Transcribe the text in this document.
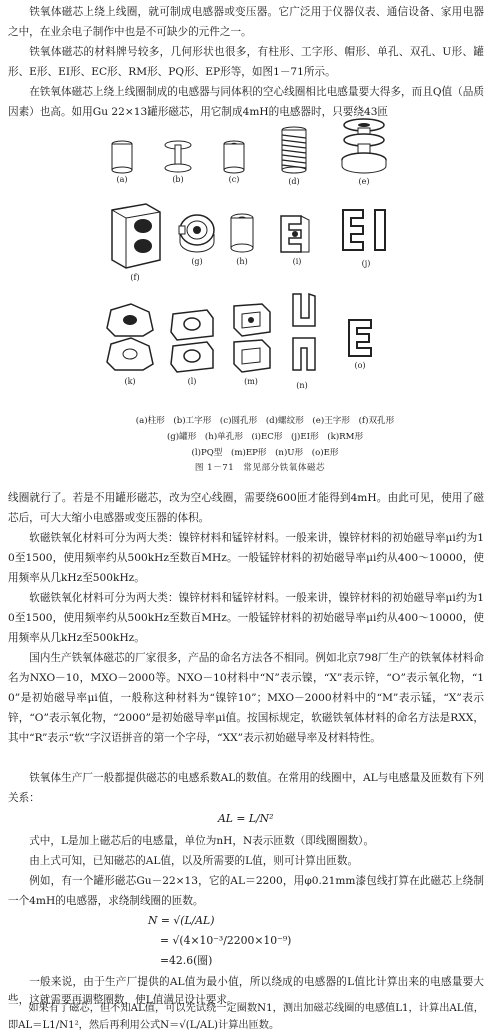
铁氧体磁芯上绕上线圈，就可制成电感器或变压器。它广泛用于仪器仪表、通信设备、家用电器之中，在业余电子制作中也是不可缺少的元件之一。
铁氧体磁芯的材料牌号较多，几何形状也很多，有柱形、工字形、帽形、单孔、双孔、U形、罐形、E形、EI形、EC形、RM形、PQ形、EP形等，如图1－71所示。
在铁氧体磁芯上绕上线圈制成的电感器与同体积的空心线圈相比电感量要大得多，而且Q值（品质因素）也高。如用Gu 22×13罐形磁芯，用它制成4mH的电感器时，只要绕43匝
(a)	(b)	(c)	(d)	(e)
(f)
(g)	(h)	(i)	(j)
(k)	(l)	(m)	(n)
(o)
(a)柱形　(b)工字形　(c)圆孔形　(d)螺纹形　(e)王字形　(f)双孔形
(g)罐形　(h)单孔形　(i)EC形　(j)EI形　(k)RM形
(l)PQ型　(m)EP形　(n)U形　(o)E形
图 1－71　常见部分铁氧体磁芯
线圈就行了。若是不用罐形磁芯，改为空心线圈，需要绕600匝才能得到4mH。由此可见，使用了磁芯后，可大大缩小电感器或变压器的体积。
软磁铁氧化材料可分为两大类：镍锌材料和锰锌材料。一般来讲，镍锌材料的初始磁导率μi约为10至1500，使用频率约从500kHz至数百MHz。一般锰锌材料的初始磁导率μi约从400～10000，使用频率从几kHz至500kHz。
软磁铁氧化材料可分为两大类：镍锌材料和锰锌材料。一般来讲，镍锌材料的初始磁导率μi约为10至1500，使用频率约从500kHz至数百MHz。一般锰锌材料的初始磁导率μi约从400～10000，使用频率从几kHz至500kHz。
国内生产铁氧体磁芯的厂家很多，产品的命名方法各不相同。例如北京798厂生产的铁氧体材料命名为NXO－10，MXO－2000等。NXO－10材料中“N”表示镍，“X”表示锌，“O”表示氧化物，“10”是初始磁导率μi值，一般称这种材料为“镍锌10”；MXO－2000材料中的“M”表示锰，“X”表示锌，“O”表示氧化物，“2000”是初始磁导率μi值。按国标规定，软磁铁氧体材料的命名方法是RXX，其中“R”表示“软”字汉语拼音的第一个字母，“XX”表示初始磁导率及材料特性。
铁氧体生产厂一般都提供磁芯的电感系数AL的数值。在常用的线圈中，AL与电感量及匝数有下列关系：
AL = L/N²
式中，L是加上磁芯后的电感量，单位为nH，N表示匝数（即线圈圈数）。
由上式可知，已知磁芯的AL值，以及所需要的L值，则可计算出匝数。
例如，有一个罐形磁芯Gu－22×13，它的AL＝2200，用φ0.21mm漆包线打算在此磁芯上绕制一个4mH的电感器，求绕制线圈的匝数。
N = √(L/AL)
= √(4×10⁻³/2200×10⁻⁹)
=42.6(圈)
一般来说，由于生产厂提供的AL值为最小值，所以绕成的电感器的L值比计算出来的电感量要大些，这就需要再调整圈数，使L值满足设计要求。
如果有了磁芯，但不知AL值，可以先试绕一定圈数N1，测出加磁芯线圈的电感值L1，计算出AL值，即AL＝L1/N1²，然后再利用公式N＝√(L/AL)计算出匝数。
